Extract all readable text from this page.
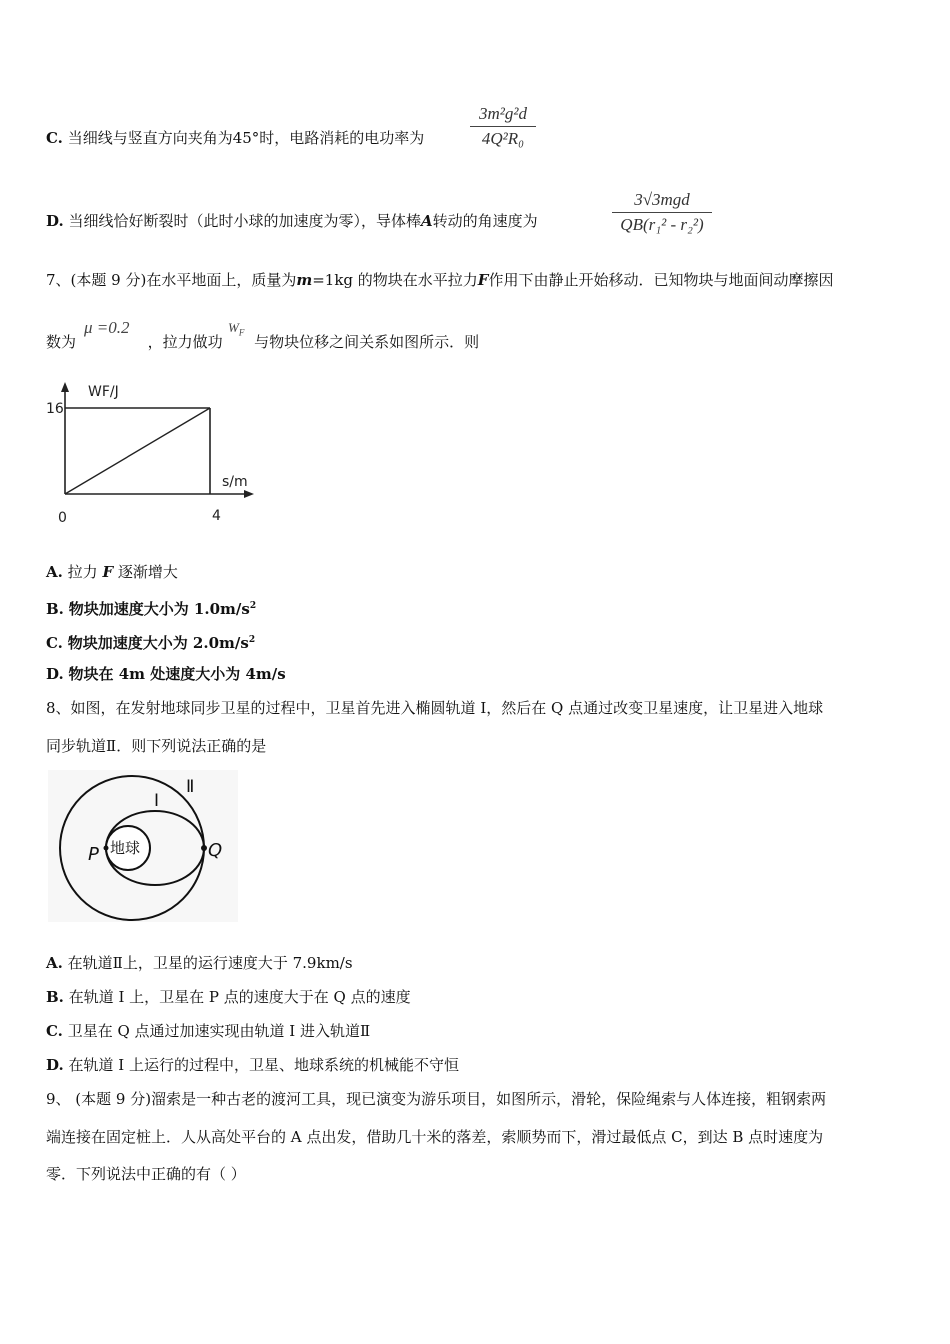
C. 当细线与竖直方向夹角为45°时，电路消耗的电功率为
3m²g²d
4Q²R₀
D. 当细线恰好断裂时（此时小球的加速度为零），导体棒A转动的角速度为
3√3mgd
QB(r₁² - r₂²)
7、(本题 9 分)在水平地面上，质量为m=1kg 的物块在水平拉力F作用下由静止开始移动．已知物块与地面间动摩擦因
数为	，拉力做功 与物块位移之间关系如图所示．则
μ =0.2	$W_F$
WF/J
16
s/m
4
0
A. 拉力 F 逐渐增大
B. 物块加速度大小为 $1.0m/s^2$
C. 物块加速度大小为 $2.0m/s^2$
D. 物块在 4m 处速度大小为 4m/s
8、如图，在发射地球同步卫星的过程中，卫星首先进入椭圆轨道 I，然后在 Q 点通过改变卫星速度，让卫星进入地球
同步轨道Ⅱ．则下列说法正确的是
地球
P	Q
I
Ⅱ
A. 在轨道Ⅱ上，卫星的运行速度大于 7.9km/s
B. 在轨道 I 上，卫星在 P 点的速度大于在 Q 点的速度
C. 卫星在 Q 点通过加速实现由轨道 I 进入轨道Ⅱ
D. 在轨道 I 上运行的过程中，卫星、地球系统的机械能不守恒
9、 (本题 9 分)溜索是一种古老的渡河工具，现已演变为游乐项目，如图所示，滑轮，保险绳索与人体连接，粗钢索两
端连接在固定桩上．人从高处平台的 A 点出发，借助几十米的落差，索顺势而下，滑过最低点 C，到达 B 点时速度为
零．下列说法中正确的有（ ）
